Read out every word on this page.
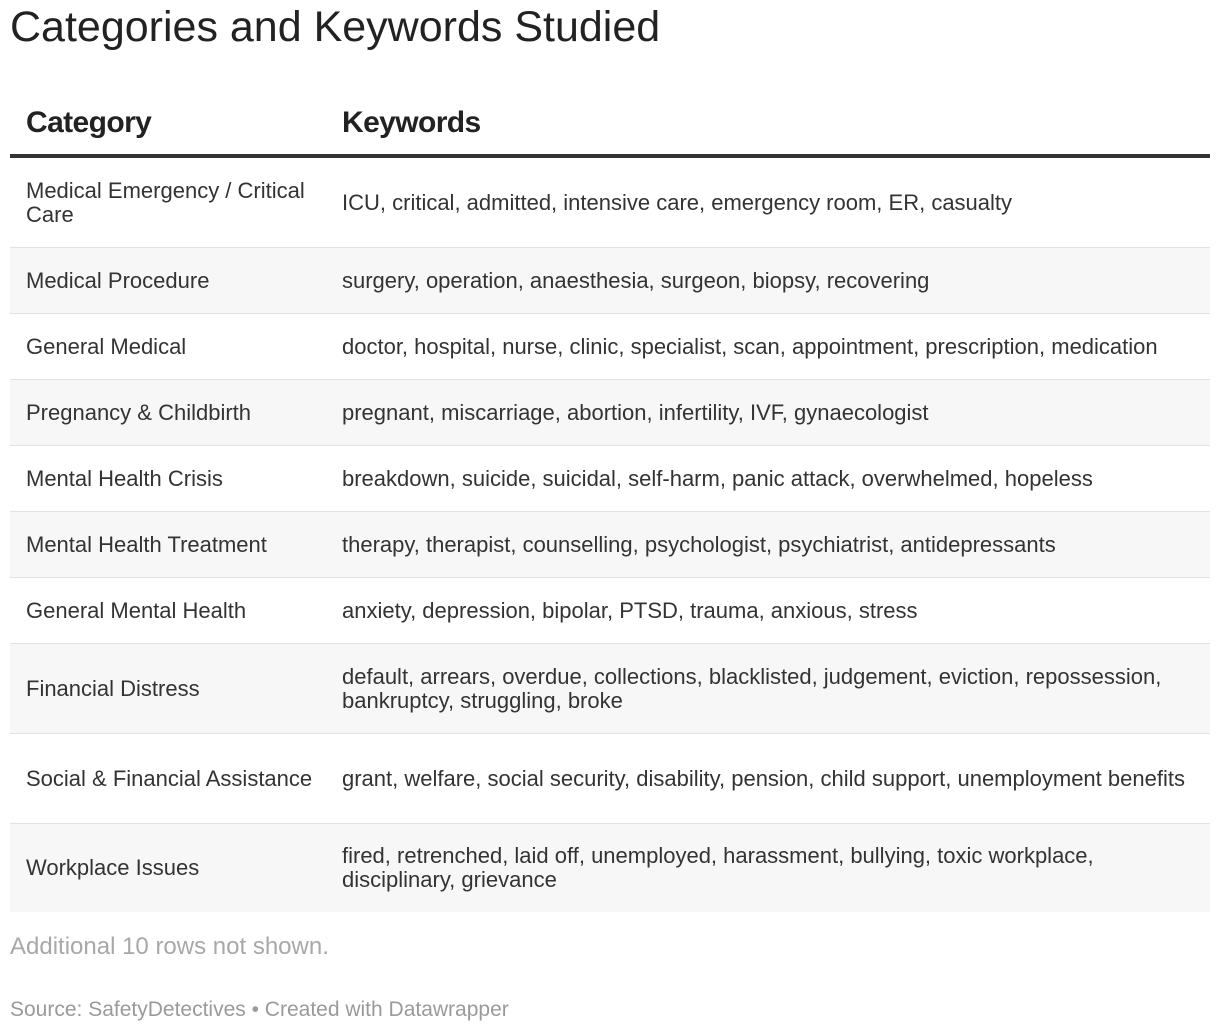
Categories and Keywords Studied
Category	Keywords
Medical Emergency / Critical Care	ICU, critical, admitted, intensive care, emergency room, ER, casualty
Medical Procedure	surgery, operation, anaesthesia, surgeon, biopsy, recovering
General Medical	doctor, hospital, nurse, clinic, specialist, scan, appointment, prescription, medication
Pregnancy & Childbirth	pregnant, miscarriage, abortion, infertility, IVF, gynaecologist
Mental Health Crisis	breakdown, suicide, suicidal, self-harm, panic attack, overwhelmed, hopeless
Mental Health Treatment	therapy, therapist, counselling, psychologist, psychiatrist, antidepressants
General Mental Health	anxiety, depression, bipolar, PTSD, trauma, anxious, stress
Financial Distress	default, arrears, overdue, collections, blacklisted, judgement, eviction, repossession, bankruptcy, struggling, broke
Social & Financial Assistance	grant, welfare, social security, disability, pension, child support, unemployment benefits
Workplace Issues	fired, retrenched, laid off, unemployed, harassment, bullying, toxic workplace, disciplinary, grievance
Additional 10 rows not shown.
Source: SafetyDetectives • Created with Datawrapper
